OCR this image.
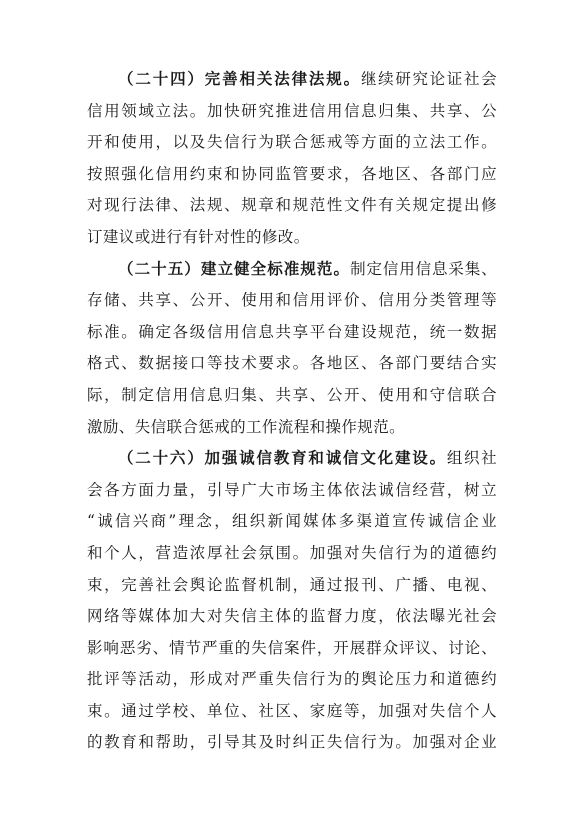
（二十四）完善相关法律法规。继续研究论证社会
信用领域立法。加快研究推进信用信息归集、共享、公
开和使用，以及失信行为联合惩戒等方面的立法工作。
按照强化信用约束和协同监管要求，各地区、各部门应
对现行法律、法规、规章和规范性文件有关规定提出修
订建议或进行有针对性的修改。
（二十五）建立健全标准规范。制定信用信息采集、
存储、共享、公开、使用和信用评价、信用分类管理等
标准。确定各级信用信息共享平台建设规范，统一数据
格式、数据接口等技术要求。各地区、各部门要结合实
际，制定信用信息归集、共享、公开、使用和守信联合
激励、失信联合惩戒的工作流程和操作规范。
（二十六）加强诚信教育和诚信文化建设。组织社
会各方面力量，引导广大市场主体依法诚信经营，树立
“诚信兴商”理念，组织新闻媒体多渠道宣传诚信企业
和个人，营造浓厚社会氛围。加强对失信行为的道德约
束，完善社会舆论监督机制，通过报刊、广播、电视、
网络等媒体加大对失信主体的监督力度，依法曝光社会
影响恶劣、情节严重的失信案件，开展群众评议、讨论、
批评等活动，形成对严重失信行为的舆论压力和道德约
束。通过学校、单位、社区、家庭等，加强对失信个人
的教育和帮助，引导其及时纠正失信行为。加强对企业
